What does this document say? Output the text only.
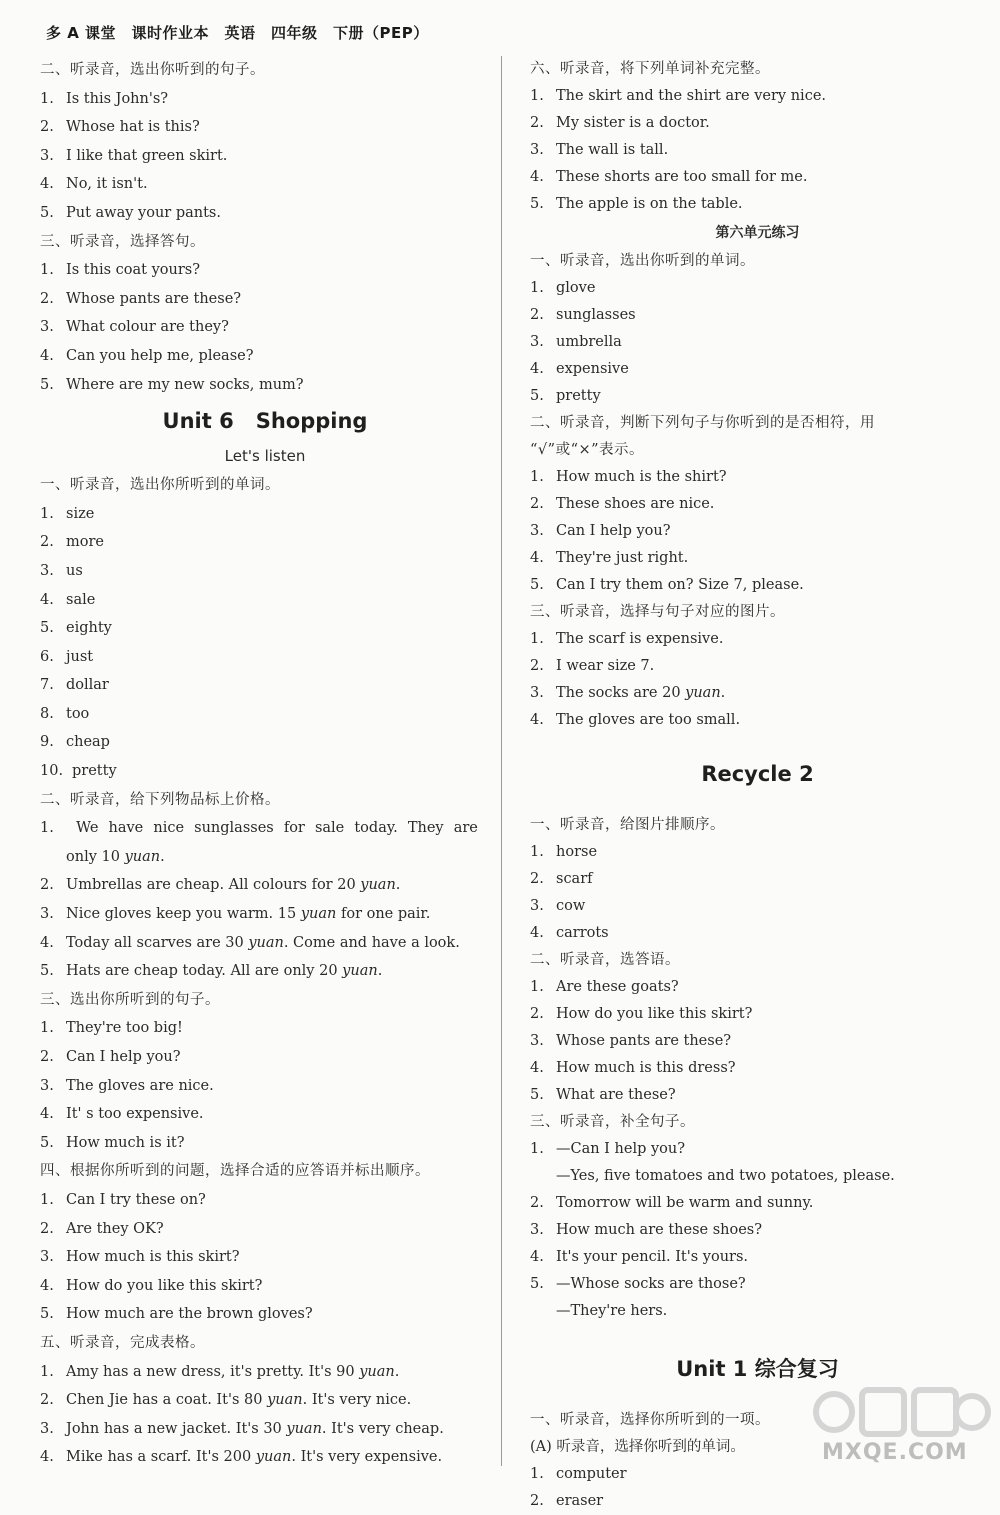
多 A 课堂　课时作业本　英语　四年级　下册（PEP）
二、听录音，选出你听到的句子。
1. Is this John's?
2. Whose hat is this?
3. I like that green skirt.
4. No, it isn't.
5. Put away your pants.
三、听录音，选择答句。
1. Is this coat yours?
2. Whose pants are these?
3. What colour are they?
4. Can you help me, please?
5. Where are my new socks, mum?
Unit 6 Shopping
Let's listen
一、听录音，选出你所听到的单词。
1. size
2. more
3. us
4. sale
5. eighty
6. just
7. dollar
8. too
9. cheap
10. pretty
二、听录音，给下列物品标上价格。
1.	We have nice sunglasses for sale today. They are
only 10 yuan.
2. Umbrellas are cheap. All colours for 20 yuan.
3. Nice gloves keep you warm. 15 yuan for one pair.
4. Today all scarves are 30 yuan. Come and have a look.
5. Hats are cheap today. All are only 20 yuan.
三、选出你所听到的句子。
1. They're too big!
2. Can I help you?
3. The gloves are nice.
4. It' s too expensive.
5. How much is it?
四、根据你所听到的问题，选择合适的应答语并标出顺序。
1. Can I try these on?
2. Are they OK?
3. How much is this skirt?
4. How do you like this skirt?
5. How much are the brown gloves?
五、听录音，完成表格。
1. Amy has a new dress, it's pretty. It's 90 yuan.
2. Chen Jie has a coat. It's 80 yuan. It's very nice.
3. John has a new jacket. It's 30 yuan. It's very cheap.
4. Mike has a scarf. It's 200 yuan. It's very expensive.
六、听录音，将下列单词补充完整。
1. The skirt and the shirt are very nice.
2. My sister is a doctor.
3. The wall is tall.
4. These shorts are too small for me.
5. The apple is on the table.
第六单元练习
一、听录音，选出你听到的单词。
1. glove
2. sunglasses
3. umbrella
4. expensive
5. pretty
二、听录音，判断下列句子与你听到的是否相符，用
“√”或“×”表示。
1. How much is the shirt?
2. These shoes are nice.
3. Can I help you?
4. They're just right.
5. Can I try them on? Size 7, please.
三、听录音，选择与句子对应的图片。
1. The scarf is expensive.
2. I wear size 7.
3. The socks are 20 yuan.
4. The gloves are too small.
Recycle 2
一、听录音，给图片排顺序。
1. horse
2. scarf
3. cow
4. carrots
二、听录音，选答语。
1. Are these goats?
2. How do you like this skirt?
3. Whose pants are these?
4. How much is this dress?
5. What are these?
三、听录音，补全句子。
1. —Can I help you?
—Yes, five tomatoes and two potatoes, please.
2. Tomorrow will be warm and sunny.
3. How much are these shoes?
4. It's your pencil. It's yours.
5. —Whose socks are those?
—They're hers.
Unit 1 综合复习
一、听录音，选择你所听到的一项。
(A) 听录音，选择你听到的单词。
1. computer
2. eraser
MXQE.COM
